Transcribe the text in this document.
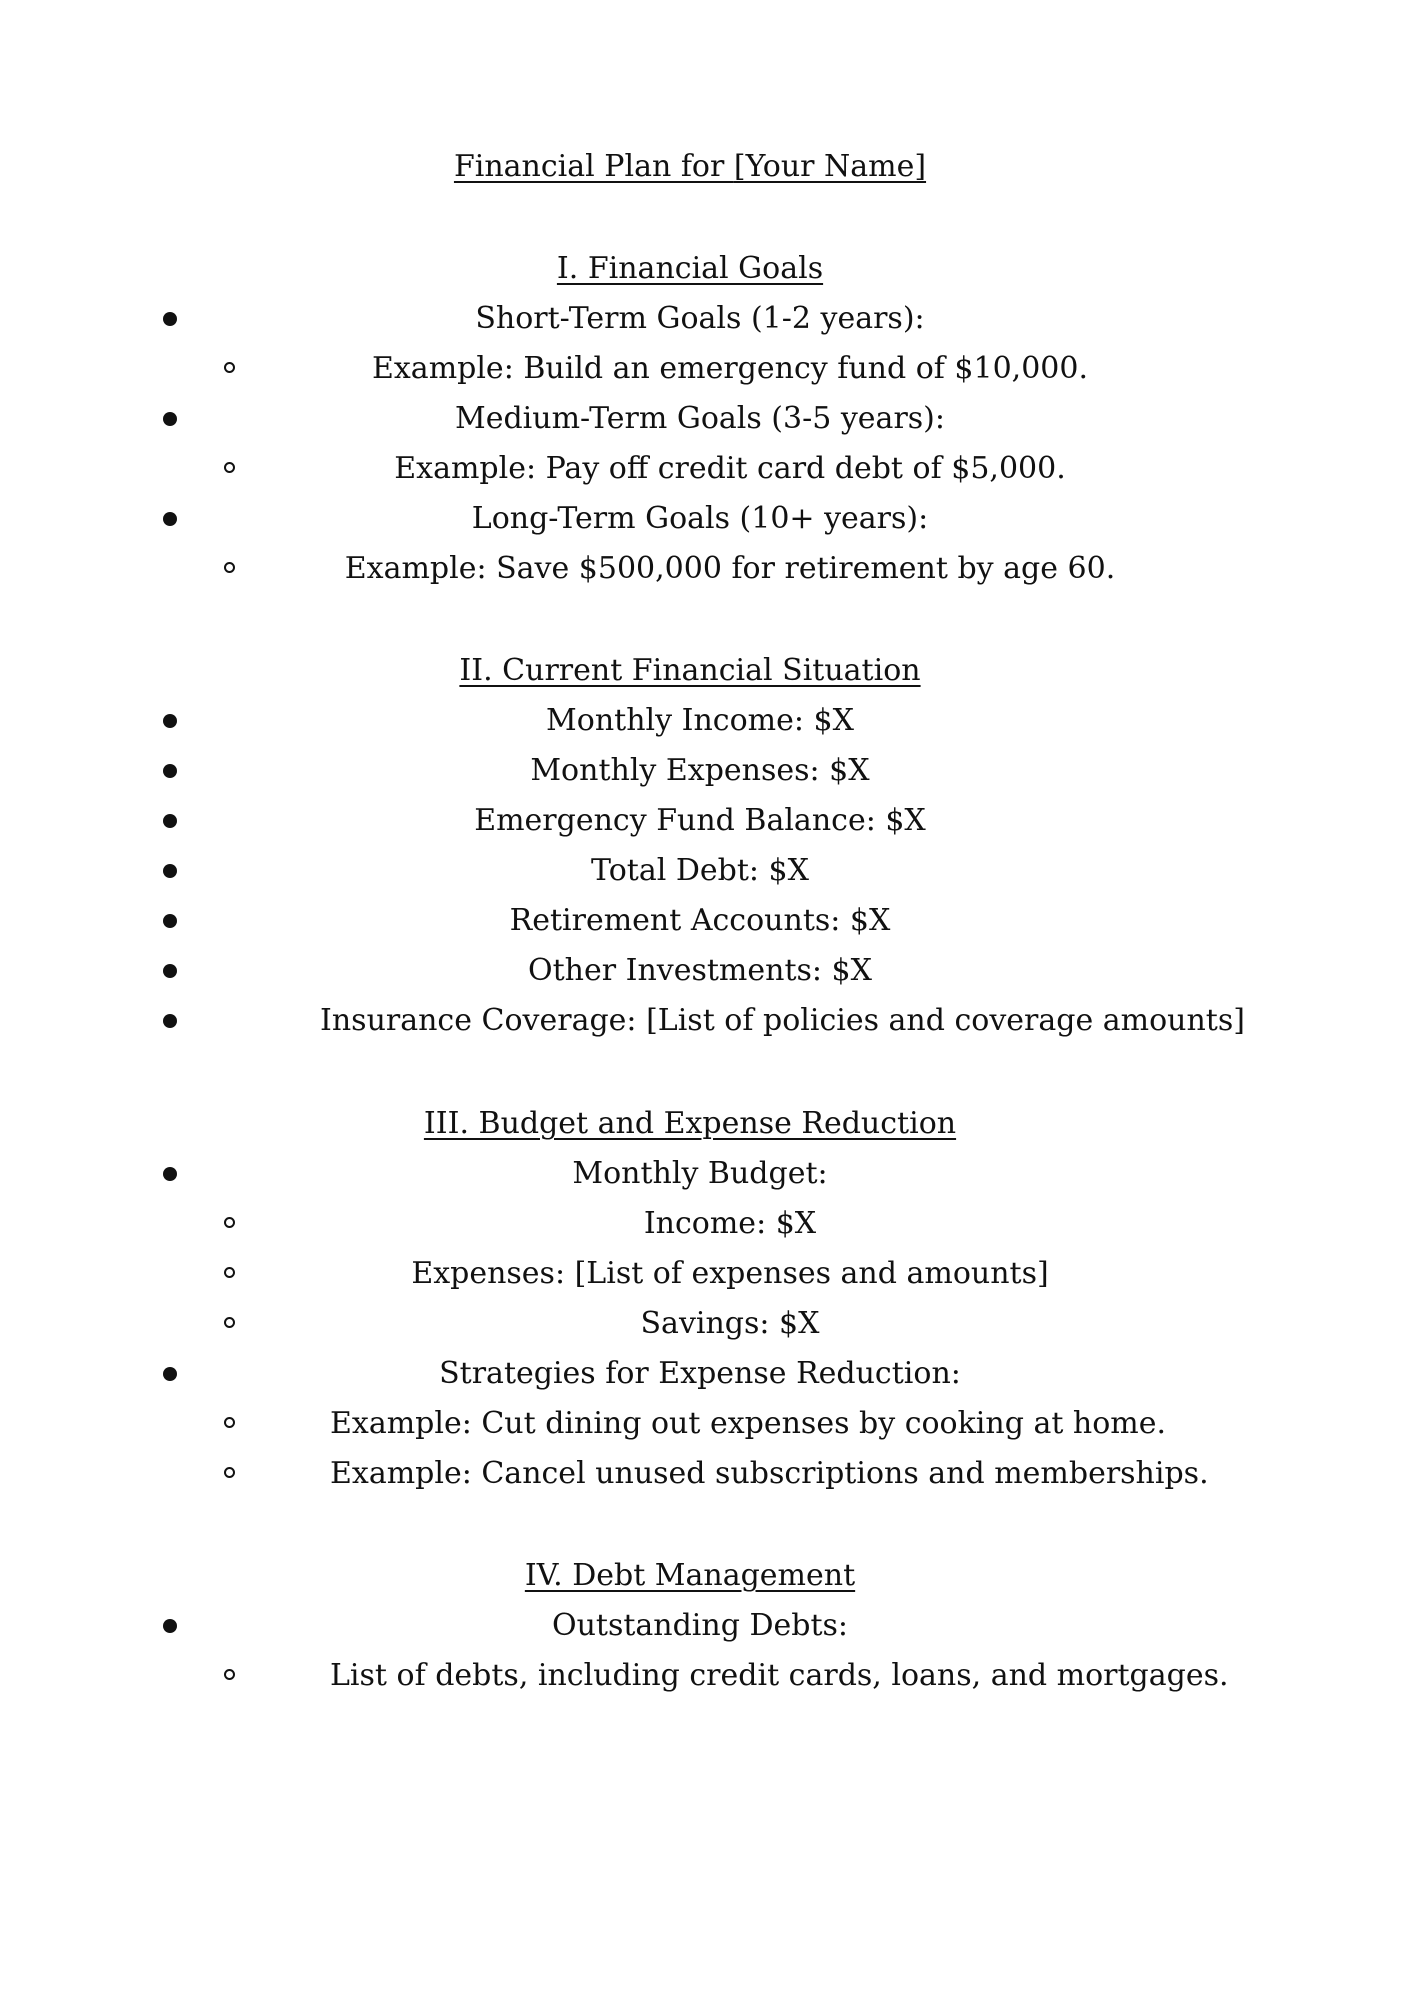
Financial Plan for [Your Name]
I. Financial Goals
Short-Term Goals (1-2 years):
Example: Build an emergency fund of $10,000.
Medium-Term Goals (3-5 years):
Example: Pay off credit card debt of $5,000.
Long-Term Goals (10+ years):
Example: Save $500,000 for retirement by age 60.
II. Current Financial Situation
Monthly Income: $X
Monthly Expenses: $X
Emergency Fund Balance: $X
Total Debt: $X
Retirement Accounts: $X
Other Investments: $X
Insurance Coverage: [List of policies and coverage amounts]
III. Budget and Expense Reduction
Monthly Budget:
Income: $X
Expenses: [List of expenses and amounts]
Savings: $X
Strategies for Expense Reduction:
Example: Cut dining out expenses by cooking at home.
Example: Cancel unused subscriptions and memberships.
IV. Debt Management
Outstanding Debts:
List of debts, including credit cards, loans, and mortgages.
